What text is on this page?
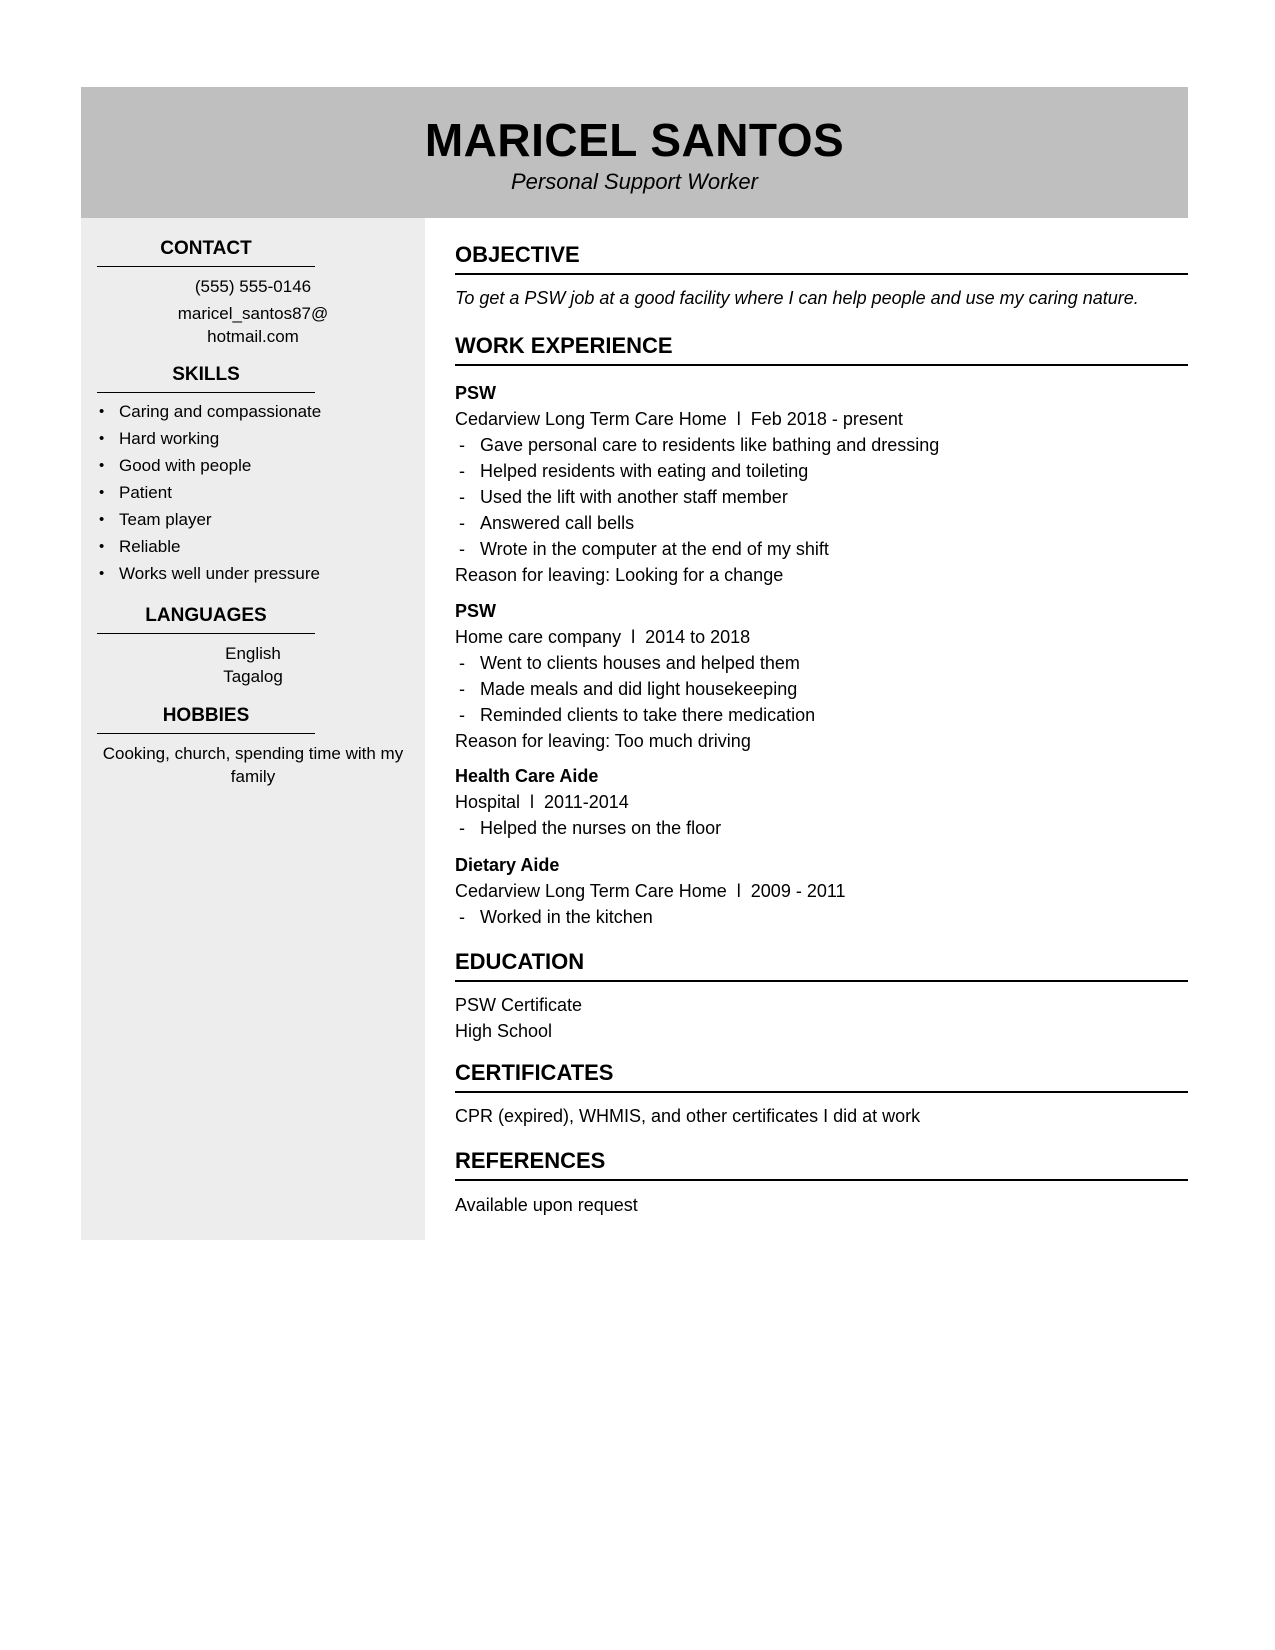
MARICEL SANTOS
Personal Support Worker
CONTACT
(555) 555-0146
maricel_santos87@
hotmail.com
SKILLS
• Caring and compassionate
• Hard working
• Good with people
• Patient
• Team player
• Reliable
• Works well under pressure
LANGUAGES
English
Tagalog
HOBBIES
Cooking, church, spending time with my family
OBJECTIVE
To get a PSW job at a good facility where I can help people and use my caring nature.
WORK EXPERIENCE
PSW
Cedarview Long Term Care Home  l  Feb 2018 - present
- Gave personal care to residents like bathing and dressing
- Helped residents with eating and toileting
- Used the lift with another staff member
- Answered call bells
- Wrote in the computer at the end of my shift
Reason for leaving: Looking for a change
PSW
Home care company  l  2014 to 2018
- Went to clients houses and helped them
- Made meals and did light housekeeping
- Reminded clients to take there medication
Reason for leaving: Too much driving
Health Care Aide
Hospital  l  2011-2014
- Helped the nurses on the floor
Dietary Aide
Cedarview Long Term Care Home  l  2009 - 2011
- Worked in the kitchen
EDUCATION
PSW Certificate
High School
CERTIFICATES
CPR (expired), WHMIS, and other certificates I did at work
REFERENCES
Available upon request
